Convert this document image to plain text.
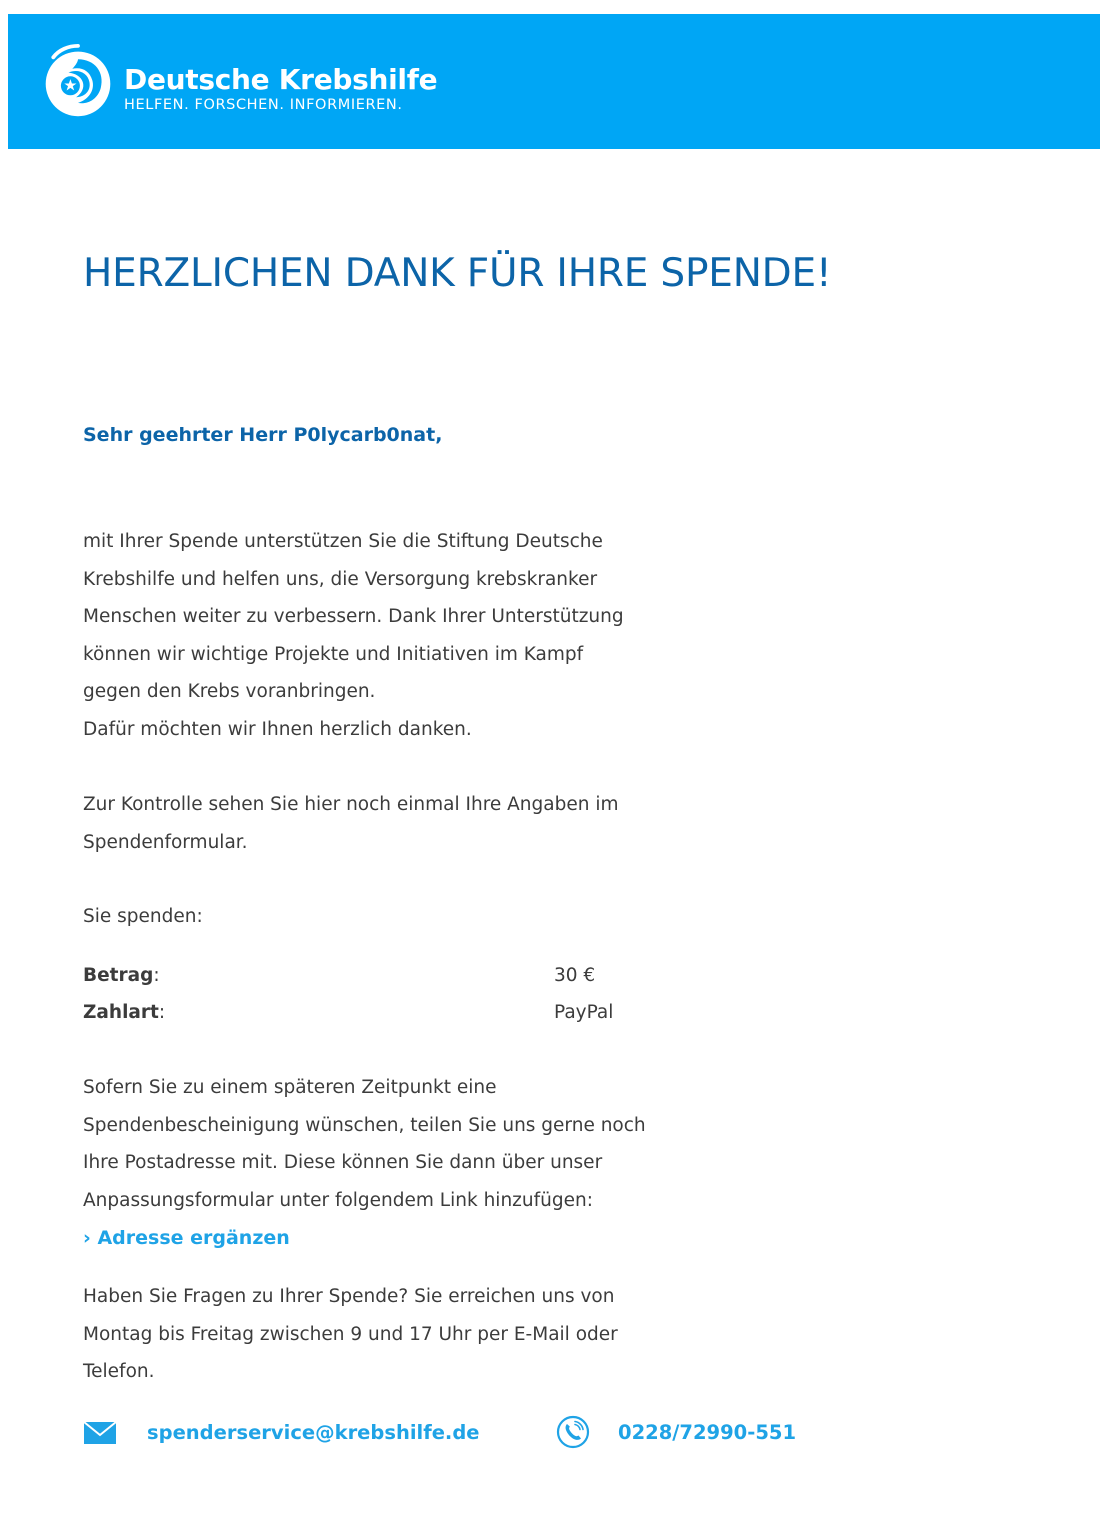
Deutsche Krebshilfe
HELFEN. FORSCHEN. INFORMIEREN.
HERZLICHEN DANK FÜR IHRE SPENDE!
Sehr geehrter Herr P0lycarb0nat,
mit Ihrer Spende unterstützen Sie die Stiftung Deutsche
Krebshilfe und helfen uns, die Versorgung krebskranker
Menschen weiter zu verbessern. Dank Ihrer Unterstützung
können wir wichtige Projekte und Initiativen im Kampf
gegen den Krebs voranbringen.
Dafür möchten wir Ihnen herzlich danken.
Zur Kontrolle sehen Sie hier noch einmal Ihre Angaben im
Spendenformular.
Sie spenden:
Betrag:	30 €
Zahlart:	PayPal
Sofern Sie zu einem späteren Zeitpunkt eine
Spendenbescheinigung wünschen, teilen Sie uns gerne noch
Ihre Postadresse mit. Diese können Sie dann über unser
Anpassungsformular unter folgendem Link hinzufügen:
› Adresse ergänzen
Haben Sie Fragen zu Ihrer Spende? Sie erreichen uns von
Montag bis Freitag zwischen 9 und 17 Uhr per E-Mail oder
Telefon.
spenderservice@krebshilfe.de	0228/72990-551
